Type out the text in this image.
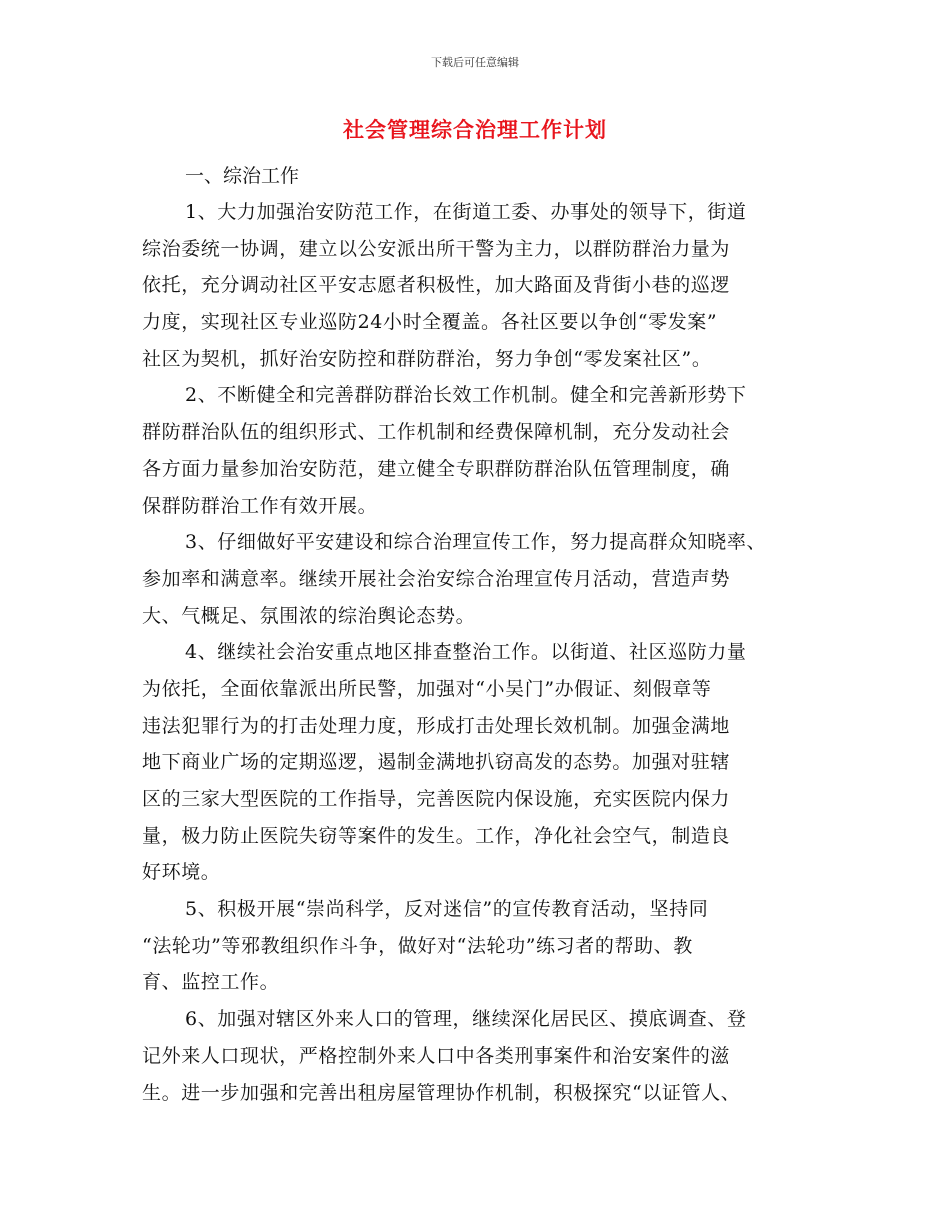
下载后可任意编辑
社会管理综合治理工作计划

一、综治工作

1、大力加强治安防范工作，在街道工委、办事处的领导下，街道
综治委统一协调，建立以公安派出所干警为主力，以群防群治力量为
依托，充分调动社区平安志愿者积极性，加大路面及背街小巷的巡逻
力度，实现社区专业巡防24小时全覆盖。各社区要以争创“零发案”
社区为契机，抓好治安防控和群防群治，努力争创“零发案社区”。
2、不断健全和完善群防群治长效工作机制。健全和完善新形势下
群防群治队伍的组织形式、工作机制和经费保障机制，充分发动社会
各方面力量参加治安防范，建立健全专职群防群治队伍管理制度，确
保群防群治工作有效开展。
3、仔细做好平安建设和综合治理宣传工作，努力提高群众知晓率、
参加率和满意率。继续开展社会治安综合治理宣传月活动，营造声势
大、气概足、氛围浓的综治舆论态势。
4、继续社会治安重点地区排查整治工作。以街道、社区巡防力量
为依托，全面依靠派出所民警，加强对“小吴门”办假证、刻假章等
违法犯罪行为的打击处理力度，形成打击处理长效机制。加强金满地
地下商业广场的定期巡逻，遏制金满地扒窃高发的态势。加强对驻辖
区的三家大型医院的工作指导，完善医院内保设施，充实医院内保力
量，极力防止医院失窃等案件的发生。工作，净化社会空气，制造良
好环境。
5、积极开展“崇尚科学，反对迷信”的宣传教育活动，坚持同
“法轮功”等邪教组织作斗争，做好对“法轮功”练习者的帮助、教
育、监控工作。
6、加强对辖区外来人口的管理，继续深化居民区、摸底调查、登
记外来人口现状，严格控制外来人口中各类刑事案件和治安案件的滋
生。进一步加强和完善出租房屋管理协作机制，积极探究“以证管人、
